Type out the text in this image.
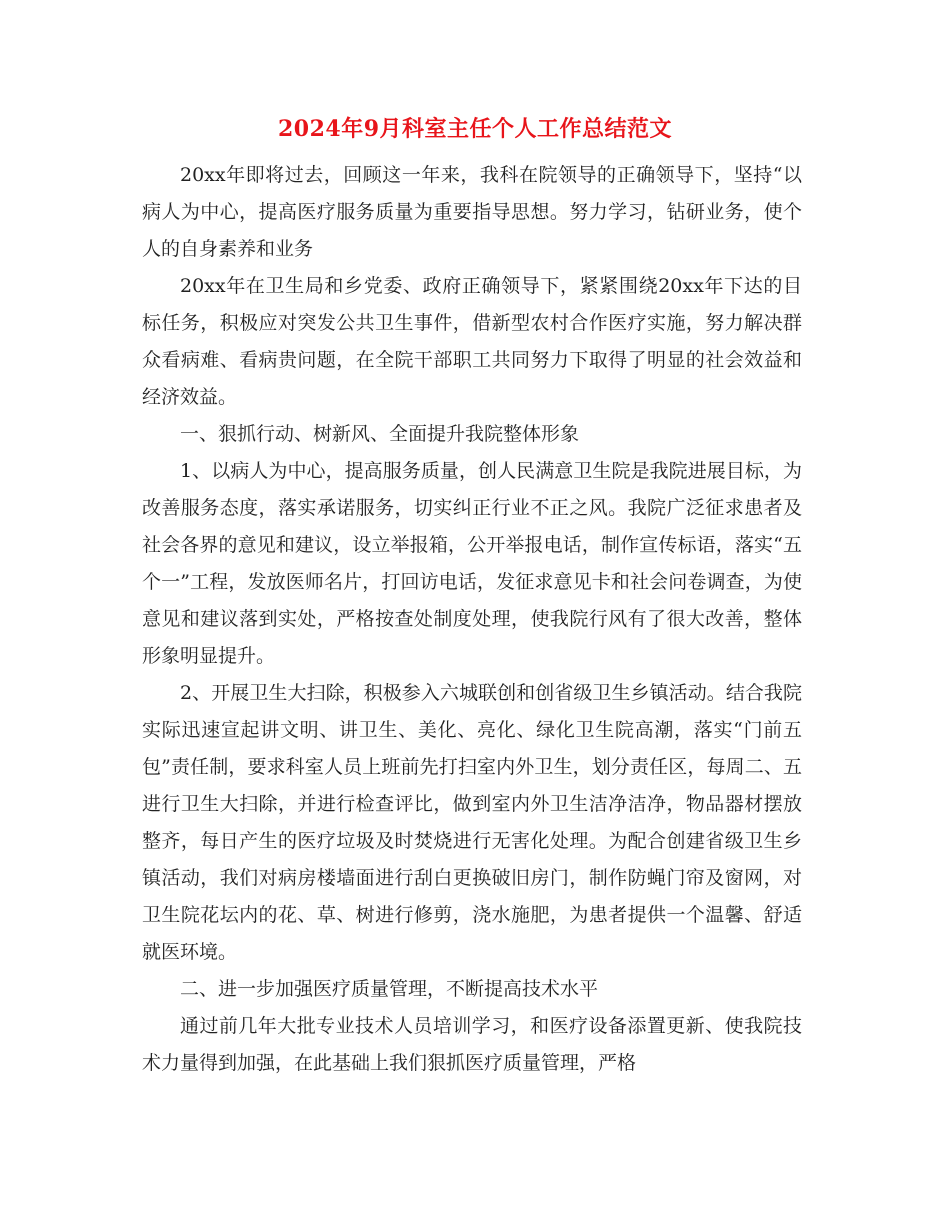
2024年9月科室主任个人工作总结范文

20xx年即将过去，回顾这一年来，我科在院领导的正确领导下，坚持“以病人为中心，提高医疗服务质量为重要指导思想。努力学习，钻研业务，使个人的自身素养和业务

20xx年在卫生局和乡党委、政府正确领导下，紧紧围绕20xx年下达的目标任务，积极应对突发公共卫生事件，借新型农村合作医疗实施，努力解决群众看病难、看病贵问题，在全院干部职工共同努力下取得了明显的社会效益和经济效益。

一、狠抓行动、树新风、全面提升我院整体形象

1、以病人为中心，提高服务质量，创人民满意卫生院是我院进展目标，为改善服务态度，落实承诺服务，切实纠正行业不正之风。我院广泛征求患者及社会各界的意见和建议，设立举报箱，公开举报电话，制作宣传标语，落实“五个一”工程，发放医师名片，打回访电话，发征求意见卡和社会问卷调查，为使意见和建议落到实处，严格按查处制度处理，使我院行风有了很大改善，整体形象明显提升。

2、开展卫生大扫除，积极参入六城联创和创省级卫生乡镇活动。结合我院实际迅速宣起讲文明、讲卫生、美化、亮化、绿化卫生院高潮，落实“门前五包”责任制，要求科室人员上班前先打扫室内外卫生，划分责任区，每周二、五进行卫生大扫除，并进行检查评比，做到室内外卫生洁净洁净，物品器材摆放整齐，每日产生的医疗垃圾及时焚烧进行无害化处理。为配合创建省级卫生乡镇活动，我们对病房楼墙面进行刮白更换破旧房门，制作防蝇门帘及窗网，对卫生院花坛内的花、草、树进行修剪，浇水施肥，为患者提供一个温馨、舒适就医环境。

二、进一步加强医疗质量管理，不断提高技术水平

通过前几年大批专业技术人员培训学习，和医疗设备添置更新、使我院技术力量得到加强，在此基础上我们狠抓医疗质量管理，严格
